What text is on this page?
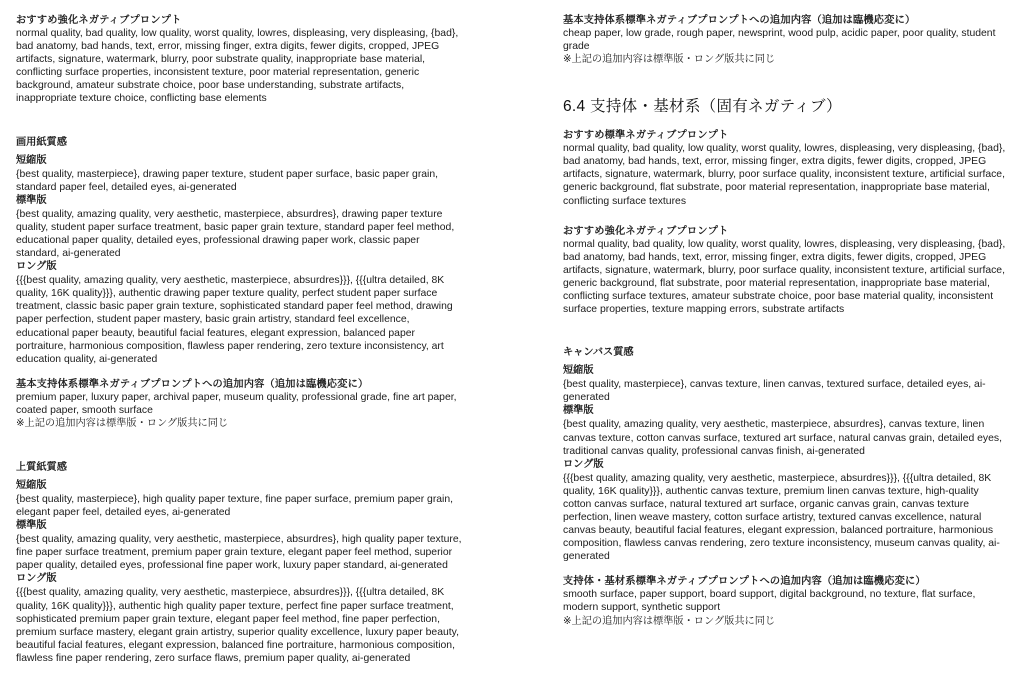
おすすめ強化ネガティブプロンプト

normal quality, bad quality, low quality, worst quality, lowres, displeasing, very displeasing, {bad}, bad anatomy, bad hands, text, error, missing finger, extra digits, fewer digits, cropped, JPEG artifacts, signature, watermark, blurry, poor substrate quality, inappropriate base material, conflicting surface properties, inconsistent texture, poor material representation, generic background, amateur substrate choice, poor base understanding, substrate artifacts, inappropriate texture choice, conflicting base elements

画用紙質感

短縮版

{best quality, masterpiece}, drawing paper texture, student paper surface, basic paper grain, standard paper feel, detailed eyes, ai-generated

標準版

{best quality, amazing quality, very aesthetic, masterpiece, absurdres}, drawing paper texture quality, student paper surface treatment, basic paper grain texture, standard paper feel method, educational paper quality, detailed eyes, professional drawing paper work, classic paper standard, ai-generated

ロング版

{{{best quality, amazing quality, very aesthetic, masterpiece, absurdres}}}, {{{ultra detailed, 8K quality, 16K quality}}}, authentic drawing paper texture quality, perfect student paper surface treatment, classic basic paper grain texture, sophisticated standard paper feel method, drawing paper perfection, student paper mastery, basic grain artistry, standard feel excellence, educational paper beauty, beautiful facial features, elegant expression, balanced paper portraiture, harmonious composition, flawless paper rendering, zero texture inconsistency, art education quality, ai-generated

基本支持体系標準ネガティブプロンプトへの追加内容（追加は臨機応変に）

premium paper, luxury paper, archival paper, museum quality, professional grade, fine art paper, coated paper, smooth surface

※上記の追加内容は標準版・ロング版共に同じ

上質紙質感

短縮版

{best quality, masterpiece}, high quality paper texture, fine paper surface, premium paper grain, elegant paper feel, detailed eyes, ai-generated

標準版

{best quality, amazing quality, very aesthetic, masterpiece, absurdres}, high quality paper texture, fine paper surface treatment, premium paper grain texture, elegant paper feel method, superior paper quality, detailed eyes, professional fine paper work, luxury paper standard, ai-generated

ロング版

{{{best quality, amazing quality, very aesthetic, masterpiece, absurdres}}}, {{{ultra detailed, 8K quality, 16K quality}}}, authentic high quality paper texture, perfect fine paper surface treatment, sophisticated premium paper grain texture, elegant paper feel method, fine paper perfection, premium surface mastery, elegant grain artistry, superior quality excellence, luxury paper beauty, beautiful facial features, elegant expression, balanced fine portraiture, harmonious composition, flawless fine paper rendering, zero surface flaws, premium paper quality, ai-generated

基本支持体系標準ネガティブプロンプトへの追加内容（追加は臨機応変に）

cheap paper, low grade, rough paper, newsprint, wood pulp, acidic paper, poor quality, student grade

※上記の追加内容は標準版・ロング版共に同じ

6.4 支持体・基材系（固有ネガティブ）

おすすめ標準ネガティブプロンプト

normal quality, bad quality, low quality, worst quality, lowres, displeasing, very displeasing, {bad}, bad anatomy, bad hands, text, error, missing finger, extra digits, fewer digits, cropped, JPEG artifacts, signature, watermark, blurry, poor surface quality, inconsistent texture, artificial surface, generic background, flat substrate, poor material representation, inappropriate base material, conflicting surface textures

おすすめ強化ネガティブプロンプト

normal quality, bad quality, low quality, worst quality, lowres, displeasing, very displeasing, {bad}, bad anatomy, bad hands, text, error, missing finger, extra digits, fewer digits, cropped, JPEG artifacts, signature, watermark, blurry, poor surface quality, inconsistent texture, artificial surface, generic background, flat substrate, poor material representation, inappropriate base material, conflicting surface textures, amateur substrate choice, poor base material quality, inconsistent surface properties, texture mapping errors, substrate artifacts

キャンバス質感

短縮版

{best quality, masterpiece}, canvas texture, linen canvas, textured surface, detailed eyes, ai-generated

標準版

{best quality, amazing quality, very aesthetic, masterpiece, absurdres}, canvas texture, linen canvas texture, cotton canvas surface, textured art surface, natural canvas grain, detailed eyes, traditional canvas quality, professional canvas finish, ai-generated

ロング版

{{{best quality, amazing quality, very aesthetic, masterpiece, absurdres}}}, {{{ultra detailed, 8K quality, 16K quality}}}, authentic canvas texture, premium linen canvas texture, high-quality cotton canvas surface, natural textured art surface, organic canvas grain, canvas texture perfection, linen weave mastery, cotton surface artistry, textured canvas excellence, natural canvas beauty, beautiful facial features, elegant expression, balanced portraiture, harmonious composition, flawless canvas rendering, zero texture inconsistency, museum canvas quality, ai-generated

支持体・基材系標準ネガティブプロンプトへの追加内容（追加は臨機応変に）

smooth surface, paper support, board support, digital background, no texture, flat surface, modern support, synthetic support

※上記の追加内容は標準版・ロング版共に同じ
